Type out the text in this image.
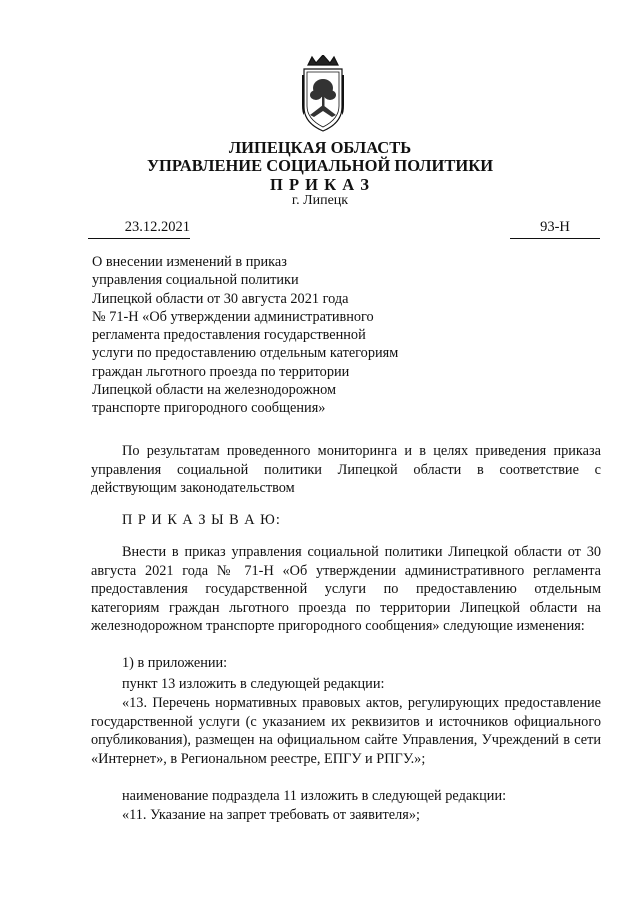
ЛИПЕЦКАЯ ОБЛАСТЬ
УПРАВЛЕНИЕ СОЦИАЛЬНОЙ ПОЛИТИКИ
П Р И К А З
г. Липецк
23.12.2021	93-Н
О внесении изменений в приказ
управления социальной политики
Липецкой области от 30 августа 2021 года
№ 71-Н «Об утверждении административного
регламента предоставления государственной
услуги по предоставлению отдельным категориям
граждан льготного проезда по территории
Липецкой области на железнодорожном
транспорте пригородного сообщения»

По результатам проведенного мониторинга и в целях приведения приказа управления социальной политики Липецкой области в соответствие с действующим законодательством

П Р И К А З Ы В А Ю:

Внести в приказ управления социальной политики Липецкой области от 30 августа 2021 года № 71-Н «Об утверждении административного регламента предоставления государственной услуги по предоставлению отдельным категориям граждан льготного проезда по территории Липецкой области на железнодорожном транспорте пригородного сообщения» следующие изменения:

1) в приложении:

пункт 13 изложить в следующей редакции:

«13. Перечень нормативных правовых актов, регулирующих предоставление государственной услуги (с указанием их реквизитов и источников официального опубликования), размещен на официальном сайте Управления, Учреждений в сети «Интернет», в Региональном реестре, ЕПГУ и РПГУ.»;

наименование подраздела 11 изложить в следующей редакции:

«11. Указание на запрет требовать от заявителя»;
